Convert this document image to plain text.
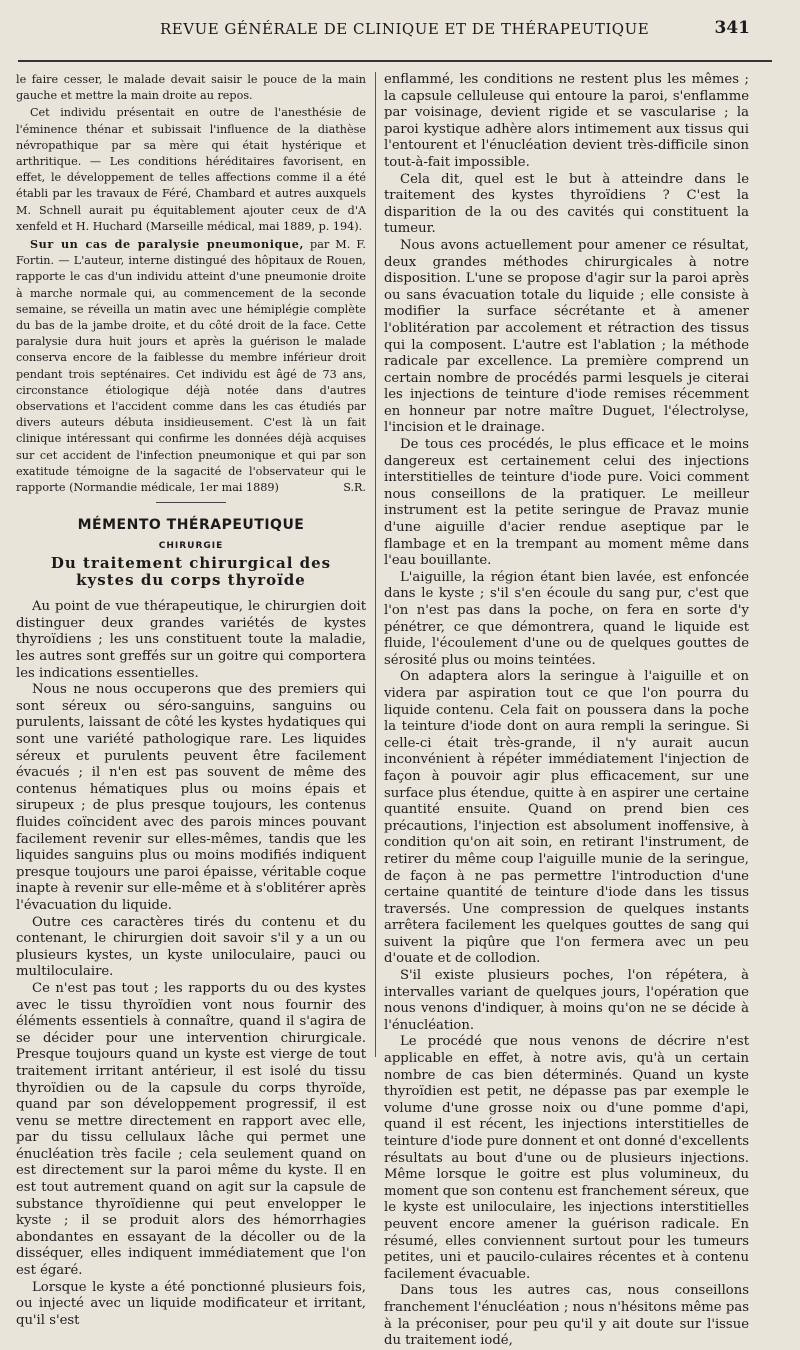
REVUE GÉNÉRALE DE CLINIQUE ET DE THÉRAPEUTIQUE	341

le faire cesser, le malade devait saisir le pouce de la main gauche et mettre la main droite au repos.

Cet individu présentait en outre de l'anesthésie de l'éminence thénar et subissait l'influence de la diathèse névropathique par sa mère qui était hystérique et arthritique. — Les conditions héréditaires favorisent, en effet, le développement de telles affections comme il a été établi par les travaux de Féré, Chambard et autres auxquels M. Schnell aurait pu équitablement ajouter ceux de d'A xenfeld et H. Huchard (Marseille médical, mai 1889, p. 194).

Sur un cas de paralysie pneumonique, par M. F. Fortin. — L'auteur, interne distingué des hôpitaux de Rouen, rapporte le cas d'un individu atteint d'une pneumonie droite à marche normale qui, au commencement de la seconde semaine, se réveilla un matin avec une hémiplégie complète du bas de la jambe droite, et du côté droit de la face. Cette paralysie dura huit jours et après la guérison le malade conserva encore de la faiblesse du membre inférieur droit pendant trois septénaires. Cet individu est âgé de 73 ans, circonstance étiologique déjà notée dans d'autres observations et l'accident comme dans les cas étudiés par divers auteurs débuta insidieusement. C'est là un fait clinique intéressant qui confirme les données déjà acquises sur cet accident de l'infection pneumonique et qui par son exatitude témoigne de la sagacité de l'observateur qui le rapporte (Normandie médicale, 1er mai 1889)	S.R.

MÉMENTO THÉRAPEUTIQUE
CHIRURGIE
Du traitement chirurgical des kystes du corps thyroïde

Au point de vue thérapeutique, le chirurgien doit distinguer deux grandes variétés de kystes thyroïdiens ; les uns constituent toute la maladie, les autres sont greffés sur un goitre qui comportera les indications essentielles.

Nous ne nous occuperons que des premiers qui sont séreux ou séro-sanguins, sanguins ou purulents, laissant de côté les kystes hydatiques qui sont une variété pathologique rare. Les liquides séreux et purulents peuvent être facilement évacués ; il n'en est pas souvent de même des contenus hématiques plus ou moins épais et sirupeux ; de plus presque toujours, les contenus fluides coïncident avec des parois minces pouvant facilement revenir sur elles-mêmes, tandis que les liquides sanguins plus ou moins modifiés indiquent presque toujours une paroi épaisse, véritable coque inapte à revenir sur elle-même et à s'oblitérer après l'évacuation du liquide.

Outre ces caractères tirés du contenu et du contenant, le chirurgien doit savoir s'il y a un ou plusieurs kystes, un kyste uniloculaire, pauci ou multiloculaire.

Ce n'est pas tout ; les rapports du ou des kystes avec le tissu thyroïdien vont nous fournir des éléments essentiels à connaître, quand il s'agira de se décider pour une intervention chirurgicale. Presque toujours quand un kyste est vierge de tout traitement irritant antérieur, il est isolé du tissu thyroïdien ou de la capsule du corps thyroïde, quand par son développement progressif, il est venu se mettre directement en rapport avec elle, par du tissu cellulaux lâche qui permet une énucléation très facile ; cela seulement quand on est directement sur la paroi même du kyste. Il en est tout autrement quand on agit sur la capsule de substance thyroïdienne qui peut envelopper le kyste ; il se produit alors des hémorrhagies abondantes en essayant de la décoller ou de la disséquer, elles indiquent immédiatement que l'on est égaré.

Lorsque le kyste a été ponctionné plusieurs fois, ou injecté avec un liquide modificateur et irritant, qu'il s'est

enflammé, les conditions ne restent plus les mêmes ; la capsule celluleuse qui entoure la paroi, s'enflamme par voisinage, devient rigide et se vascularise ; la paroi kystique adhère alors intimement aux tissus qui l'entourent et l'énucléation devient très-difficile sinon tout-à-fait impossible.

Cela dit, quel est le but à atteindre dans le traitement des kystes thyroïdiens ? C'est la disparition de la ou des cavités qui constituent la tumeur.

Nous avons actuellement pour amener ce résultat, deux grandes méthodes chirurgicales à notre disposition. L'une se propose d'agir sur la paroi après ou sans évacuation totale du liquide ; elle consiste à modifier la surface sécrétante et à amener l'oblitération par accolement et rétraction des tissus qui la composent. L'autre est l'ablation ; la méthode radicale par excellence. La première comprend un certain nombre de procédés parmi lesquels je citerai les injections de teinture d'iode remises récemment en honneur par notre maître Duguet, l'électrolyse, l'incision et le drainage.

De tous ces procédés, le plus efficace et le moins dangereux est certainement celui des injections interstitielles de teinture d'iode pure. Voici comment nous conseillons de la pratiquer. Le meilleur instrument est la petite seringue de Pravaz munie d'une aiguille d'acier rendue aseptique par le flambage et en la trempant au moment même dans l'eau bouillante.

L'aiguille, la région étant bien lavée, est enfoncée dans le kyste ; s'il s'en écoule du sang pur, c'est que l'on n'est pas dans la poche, on fera en sorte d'y pénétrer, ce que démontrera, quand le liquide est fluide, l'écoulement d'une ou de quelques gouttes de sérosité plus ou moins teintées.

On adaptera alors la seringue à l'aiguille et on videra par aspiration tout ce que l'on pourra du liquide contenu. Cela fait on poussera dans la poche la teinture d'iode dont on aura rempli la seringue. Si celle-ci était très-grande, il n'y aurait aucun inconvénient à répéter immédiatement l'injection de façon à pouvoir agir plus efficacement, sur une surface plus étendue, quitte à en aspirer une certaine quantité ensuite. Quand on prend bien ces précautions, l'injection est absolument inoffensive, à condition qu'on ait soin, en retirant l'instrument, de retirer du même coup l'aiguille munie de la seringue, de façon à ne pas permettre l'introduction d'une certaine quantité de teinture d'iode dans les tissus traversés. Une compression de quelques instants arrêtera facilement les quelques gouttes de sang qui suivent la piqûre que l'on fermera avec un peu d'ouate et de collodion.

S'il existe plusieurs poches, l'on répétera, à intervalles variant de quelques jours, l'opération que nous venons d'indiquer, à moins qu'on ne se décide à l'énucléation.

Le procédé que nous venons de décrire n'est applicable en effet, à notre avis, qu'à un certain nombre de cas bien déterminés. Quand un kyste thyroïdien est petit, ne dépasse pas par exemple le volume d'une grosse noix ou d'une pomme d'api, quand il est récent, les injections interstitielles de teinture d'iode pure donnent et ont donné d'excellents résultats au bout d'une ou de plusieurs injections. Même lorsque le goitre est plus volumineux, du moment que son contenu est franchement séreux, que le kyste est uniloculaire, les injections interstitielles peuvent encore amener la guérison radicale. En résumé, elles conviennent surtout pour les tumeurs petites, uni et paucilo-culaires récentes et à contenu facilement évacuable.

Dans tous les autres cas, nous conseillons franchement l'énucléation ; nous n'hésitons même pas à la préconiser, pour peu qu'il y ait doute sur l'issue du traitement iodé,
